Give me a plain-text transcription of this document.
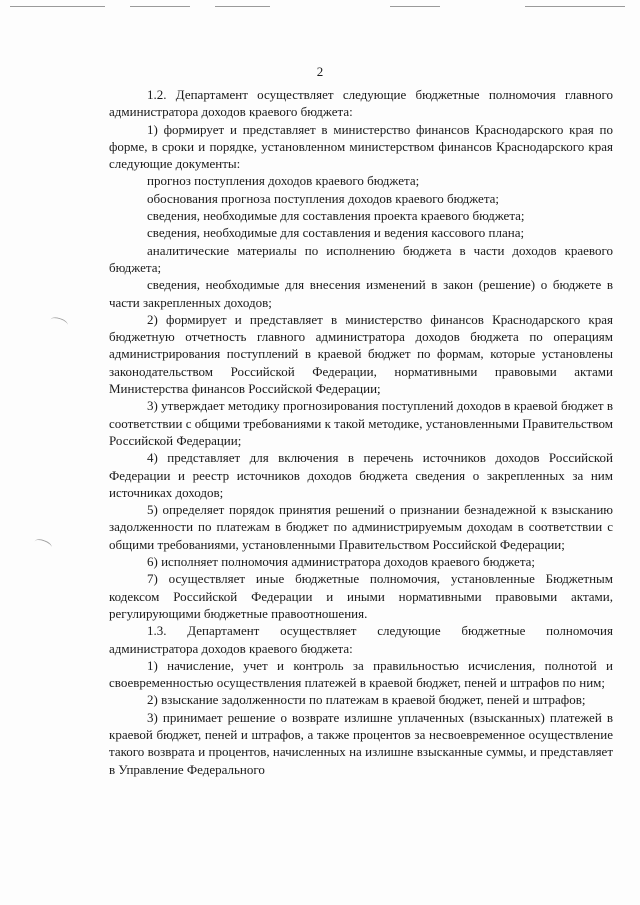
2

1.2. Департамент осуществляет следующие бюджетные полномочия главного администратора доходов краевого бюджета:

1) формирует и представляет в министерство финансов Краснодарского края по форме, в сроки и порядке, установленном министерством финансов Краснодарского края следующие документы:

прогноз поступления доходов краевого бюджета;

обоснования прогноза поступления доходов краевого бюджета;

сведения, необходимые для составления проекта краевого бюджета;

сведения, необходимые для составления и ведения кассового плана;

аналитические материалы по исполнению бюджета в части доходов краевого бюджета;

сведения, необходимые для внесения изменений в закон (решение) о бюджете в части закрепленных доходов;

2) формирует и представляет в министерство финансов Краснодарского края бюджетную отчетность главного администратора доходов бюджета по операциям администрирования поступлений в краевой бюджет по формам, которые установлены законодательством Российской Федерации, нормативными правовыми актами Министерства финансов Российской Федерации;

3) утверждает методику прогнозирования поступлений доходов в краевой бюджет в соответствии с общими требованиями к такой методике, установленными Правительством Российской Федерации;

4) представляет для включения в перечень источников доходов Российской Федерации и реестр источников доходов бюджета сведения о закрепленных за ним источниках доходов;

5) определяет порядок принятия решений о признании безнадежной к взысканию задолженности по платежам в бюджет по администрируемым доходам в соответствии с общими требованиями, установленными Правительством Российской Федерации;

6) исполняет полномочия администратора доходов краевого бюджета;

7) осуществляет иные бюджетные полномочия, установленные Бюджетным кодексом Российской Федерации и иными нормативными правовыми актами, регулирующими бюджетные правоотношения.

1.3. Департамент осуществляет следующие бюджетные полномочия администратора доходов краевого бюджета:

1) начисление, учет и контроль за правильностью исчисления, полнотой и своевременностью осуществления платежей в краевой бюджет, пеней и штрафов по ним;

2) взыскание задолженности по платежам в краевой бюджет, пеней и штрафов;

3) принимает решение о возврате излишне уплаченных (взысканных) платежей в краевой бюджет, пеней и штрафов, а также процентов за несвоевременное осуществление такого возврата и процентов, начисленных на излишне взысканные суммы, и представляет в Управление Федерального
